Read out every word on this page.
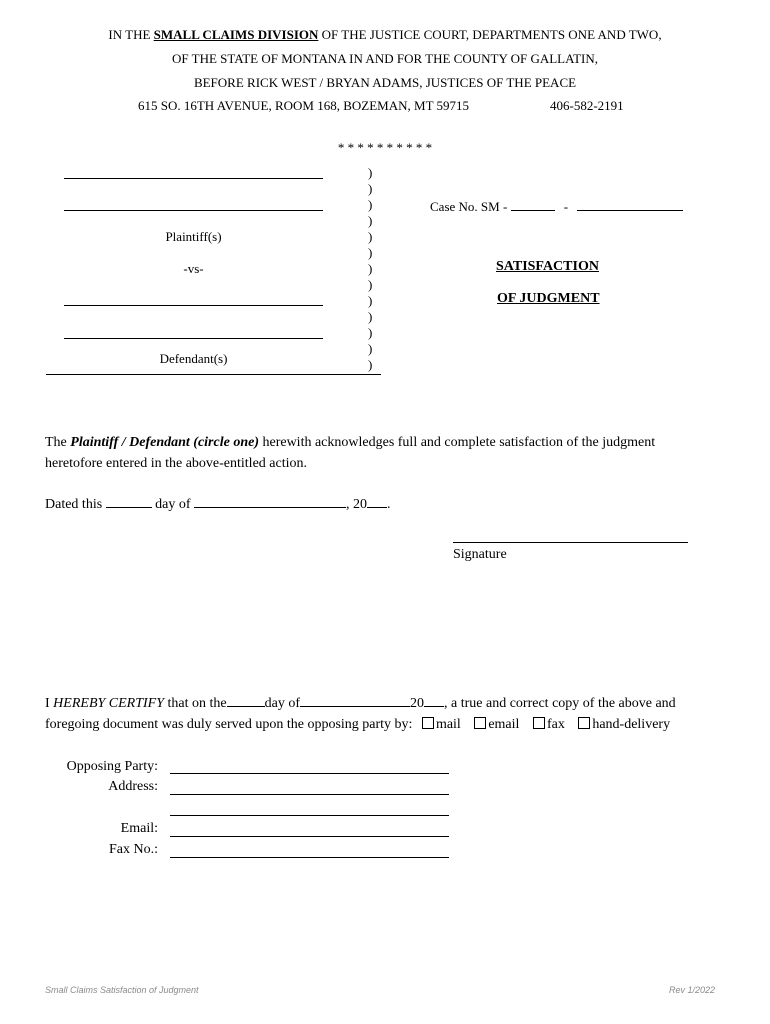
IN THE SMALL CLAIMS DIVISION OF THE JUSTICE COURT, DEPARTMENTS ONE AND TWO,
OF THE STATE OF MONTANA IN AND FOR THE COUNTY OF GALLATIN,
BEFORE RICK WEST / BRYAN ADAMS, JUSTICES OF THE PEACE
615 SO. 16TH AVENUE, ROOM 168, BOZEMAN, MT 59715	406-582-2191
* * * * * * * * * *
Plaintiff(s)
-vs-
Defendant(s)
)
)
)
)
)
)
)
)
)
)
)
)
)
Case No. SM -	-
SATISFACTION
OF JUDGMENT
The Plaintiff / Defendant (circle one) herewith acknowledges full and complete satisfaction of the judgment
heretofore entered in the above-entitled action.
Dated this	day of	, 20 .
Signature
I HEREBY CERTIFY that on the	day of	20 , a true and correct copy of the above and
foregoing document was duly served upon the opposing party by: mail email fax hand-delivery
Opposing Party:
Address:
Email:
Fax No.:
Small Claims Satisfaction of Judgment	Rev 1/2022
